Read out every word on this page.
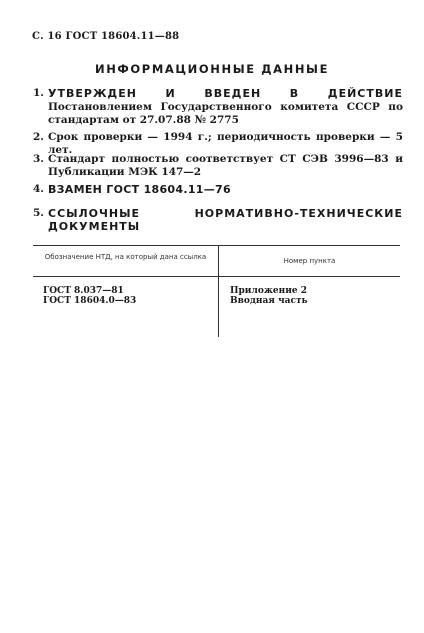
С. 16 ГОСТ 18604.11—88
ИНФОРМАЦИОННЫЕ ДАННЫЕ
1. УТВЕРЖДЕН И ВВЕДЕН В ДЕЙСТВИЕ Постановлением Государственного комитета СССР по стандартам от 27.07.88 № 2775
2. Срок проверки — 1994 г.; периодичность проверки — 5 лет.
3. Стандарт полностью соответствует СТ СЭВ 3996—83 и Публикации МЭК 147—2
4. ВЗАМЕН ГОСТ 18604.11—76
5. ССЫЛОЧНЫЕ НОРМАТИВНО-ТЕХНИЧЕСКИЕ ДОКУМЕНТЫ
Обозначение НТД, на который дана ссылка	Номер пункта
ГОСТ 8.037—81
ГОСТ 18604.0—83
Приложение 2
Вводная часть
